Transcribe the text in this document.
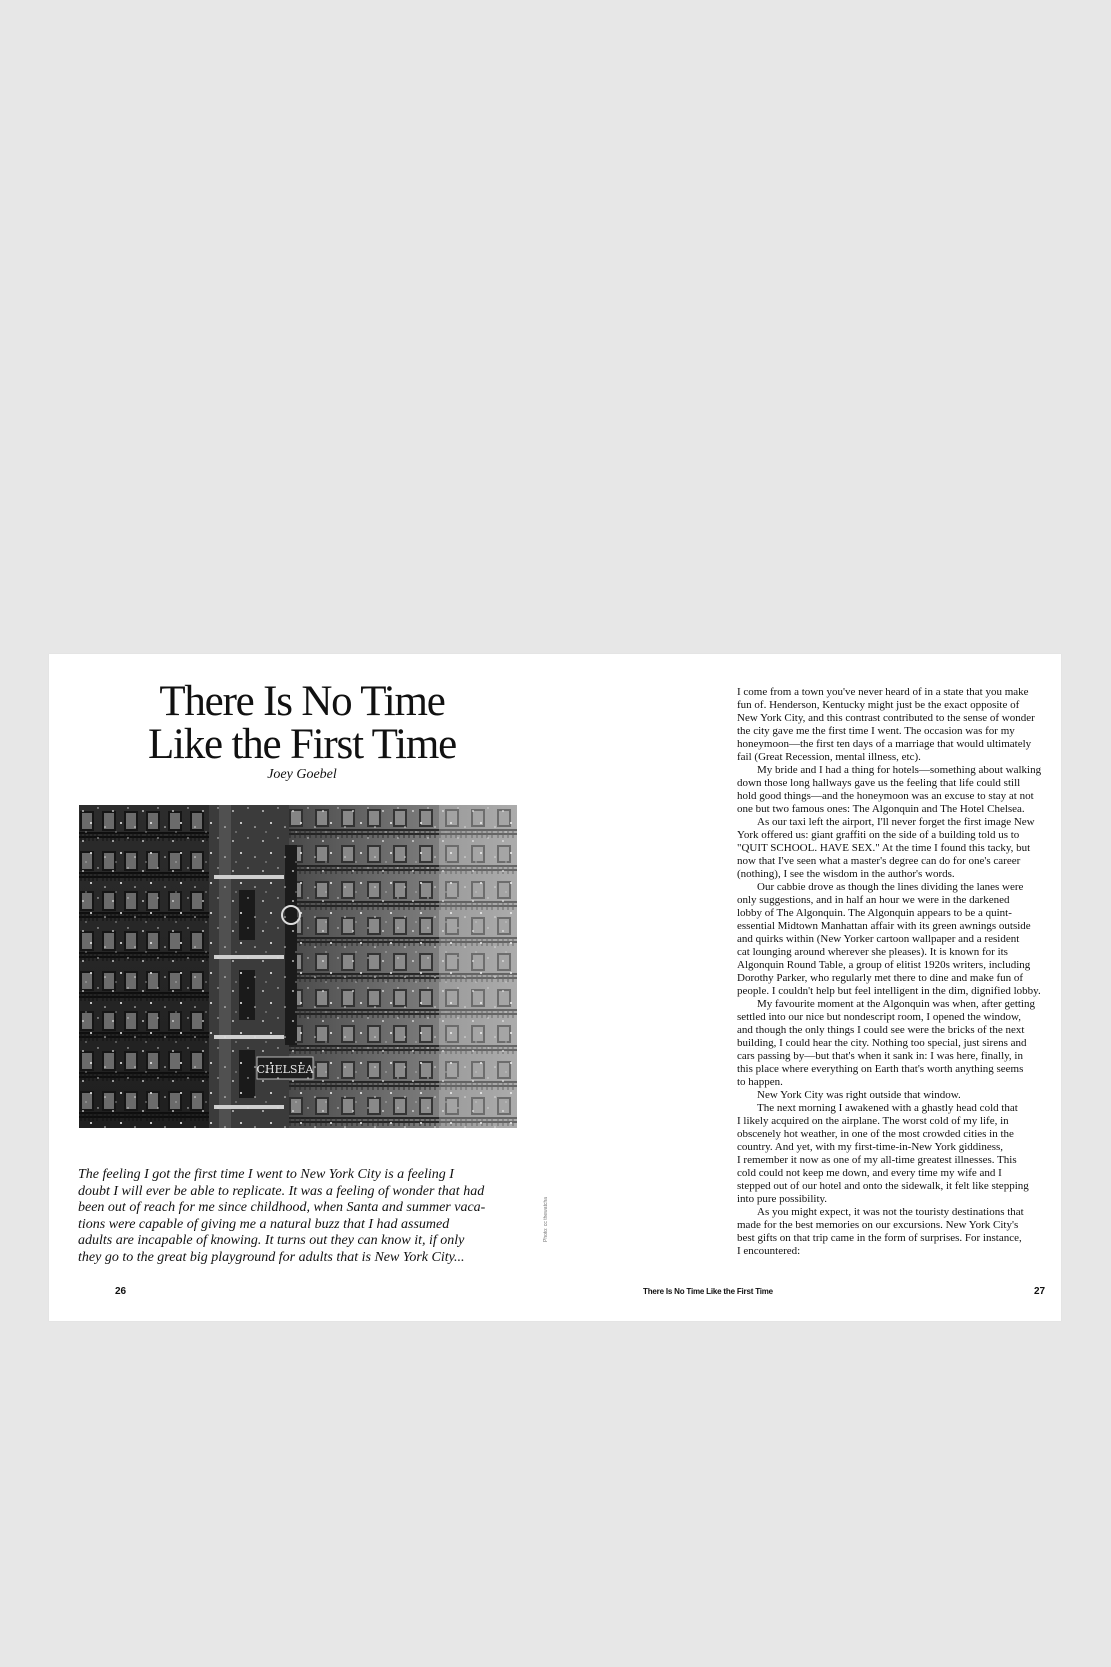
There Is No Time
Like the First Time
Joey Goebel
Photo: cc thewatcha

The feeling I got the first time I went to New York City is a feeling I
doubt I will ever be able to replicate. It was a feeling of wonder that had
been out of reach for me since childhood, when Santa and summer vaca-
tions were capable of giving me a natural buzz that I had assumed
adults are incapable of knowing. It turns out they can know it, if only
they go to the great big playground for adults that is New York City...

26

I come from a town you've never heard of in a state that you make
fun of. Henderson, Kentucky might just be the exact opposite of
New York City, and this contrast contributed to the sense of wonder
the city gave me the first time I went. The occasion was for my
honeymoon—the first ten days of a marriage that would ultimately
fail (Great Recession, mental illness, etc).
My bride and I had a thing for hotels—something about walking
down those long hallways gave us the feeling that life could still
hold good things—and the honeymoon was an excuse to stay at not
one but two famous ones: The Algonquin and The Hotel Chelsea.
As our taxi left the airport, I'll never forget the first image New
York offered us: giant graffiti on the side of a building told us to
"QUIT SCHOOL. HAVE SEX." At the time I found this tacky, but
now that I've seen what a master's degree can do for one's career
(nothing), I see the wisdom in the author's words.
Our cabbie drove as though the lines dividing the lanes were
only suggestions, and in half an hour we were in the darkened
lobby of The Algonquin. The Algonquin appears to be a quint-
essential Midtown Manhattan affair with its green awnings outside
and quirks within (New Yorker cartoon wallpaper and a resident
cat lounging around wherever she pleases). It is known for its
Algonquin Round Table, a group of elitist 1920s writers, including
Dorothy Parker, who regularly met there to dine and make fun of
people. I couldn't help but feel intelligent in the dim, dignified lobby.
My favourite moment at the Algonquin was when, after getting
settled into our nice but nondescript room, I opened the window,
and though the only things I could see were the bricks of the next
building, I could hear the city. Nothing too special, just sirens and
cars passing by—but that's when it sank in: I was here, finally, in
this place where everything on Earth that's worth anything seems
to happen.
New York City was right outside that window.
The next morning I awakened with a ghastly head cold that
I likely acquired on the airplane. The worst cold of my life, in
obscenely hot weather, in one of the most crowded cities in the
country. And yet, with my first-time-in-New York giddiness,
I remember it now as one of my all-time greatest illnesses. This
cold could not keep me down, and every time my wife and I
stepped out of our hotel and onto the sidewalk, it felt like stepping
into pure possibility.
As you might expect, it was not the touristy destinations that
made for the best memories on our excursions. New York City's
best gifts on that trip came in the form of surprises. For instance,
I encountered:

There Is No Time Like the First Time	27
